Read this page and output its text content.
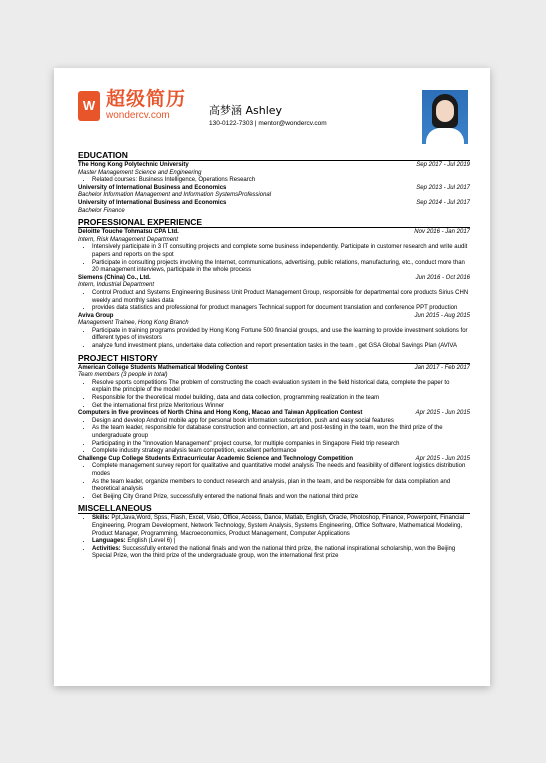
W 超级简历
wondercv.com	高梦涵 Ashley
130-0122-7303 | mentor@wondercv.com
EDUCATION
The Hong Kong Polytechnic University	Sep 2017 - Jul 2019
Master Management Science and Engineering
• Related courses: Business Intelligence, Operations Research
University of International Business and Economics	Sep 2013 - Jul 2017
Bachelor Information Management and Information SystemsProfessional
University of International Business and Economics	Sep 2014 - Jul 2017
Bachelor Finance
PROFESSIONAL EXPERIENCE
Deloitte Touche Tohmatsu CPA Ltd.	Nov 2016 - Jan 2017
Intern, Risk Management Department
• Intensively participate in 3 IT consulting projects and complete some business independently. Participate in customer research and write audit papers and reports on the spot
• Participate in consulting projects involving the Internet, communications, advertising, public relations, manufacturing, etc., conduct more than 20 management interviews, participate in the whole process
Siemens (China) Co., Ltd.	Jun 2016 - Oct 2016
Intern, Industrial Department
• Control Product and Systems Engineering Business Unit Product Management Group, responsible for departmental core products Sirius CHN weekly and monthly sales data
• provides data statistics and professional for product managers Technical support for document translation and conference PPT production
Aviva Group	Jun 2015 - Aug 2015
Management Trainee, Hong Kong Branch
• Participate in training programs provided by Hong Kong Fortune 500 financial groups, and use the learning to provide investment solutions for different types of investors
• analyze fund investment plans, undertake data collection and report presentation tasks in the team , get GSA Global Savings Plan (AVIVA
PROJECT HISTORY
American College Students Mathematical Modeling Contest	Jan 2017 - Feb 2017
Team members (3 people in total)
• Resolve sports competitions The problem of constructing the coach evaluation system in the field historical data, complete the paper to explain the principle of the model
• Responsible for the theoretical model building, data and data collection, programming realization in the team
• Get the international first prize Meritorious Winner
Computers in five provinces of North China and Hong Kong, Macao and Taiwan Application Contest	Apr 2015 - Jun 2015
• Design and develop Android mobile app for personal book information subscription, push and easy social features
• As the team leader, responsible for database construction and connection, art and post-testing in the team, won the third prize of the undergraduate group
• Participating in the "Innovation Management" project course, for multiple companies in Singapore Field trip research
• Complete industry strategy analysis team competition, excellent performance
Challenge Cup College Students Extracurricular Academic Science and Technology Competition	Apr 2015 - Jun 2015
• Complete management survey report for qualitative and quantitative model analysis The needs and feasibility of different logistics distribution modes
• As the team leader, organize members to conduct research and analysis, plan in the team, and be responsible for data compilation and theoretical analysis
• Get Beijing City Grand Prize, successfully entered the national finals and won the national third prize
MISCELLANEOUS
• Skills: Ppt,Java,Word, Spss, Flash, Excel, Visio, Office, Access, Dance, Matlab, English, Oracle, Photoshop, Finance, Powerpoint, Financial Engineering, Program Development, Network Technology, System Analysis, Systems Engineering, Office Software, Mathematical Modeling, Product Manager, Programming, Macroeconomics, Product Management, Computer Applications
• Languages: English (Level 6) |
• Activities: Successfully entered the national finals and won the national third prize, the national inspirational scholarship, won the Beijing Special Prize, won the third prize of the undergraduate group, won the international first prize
